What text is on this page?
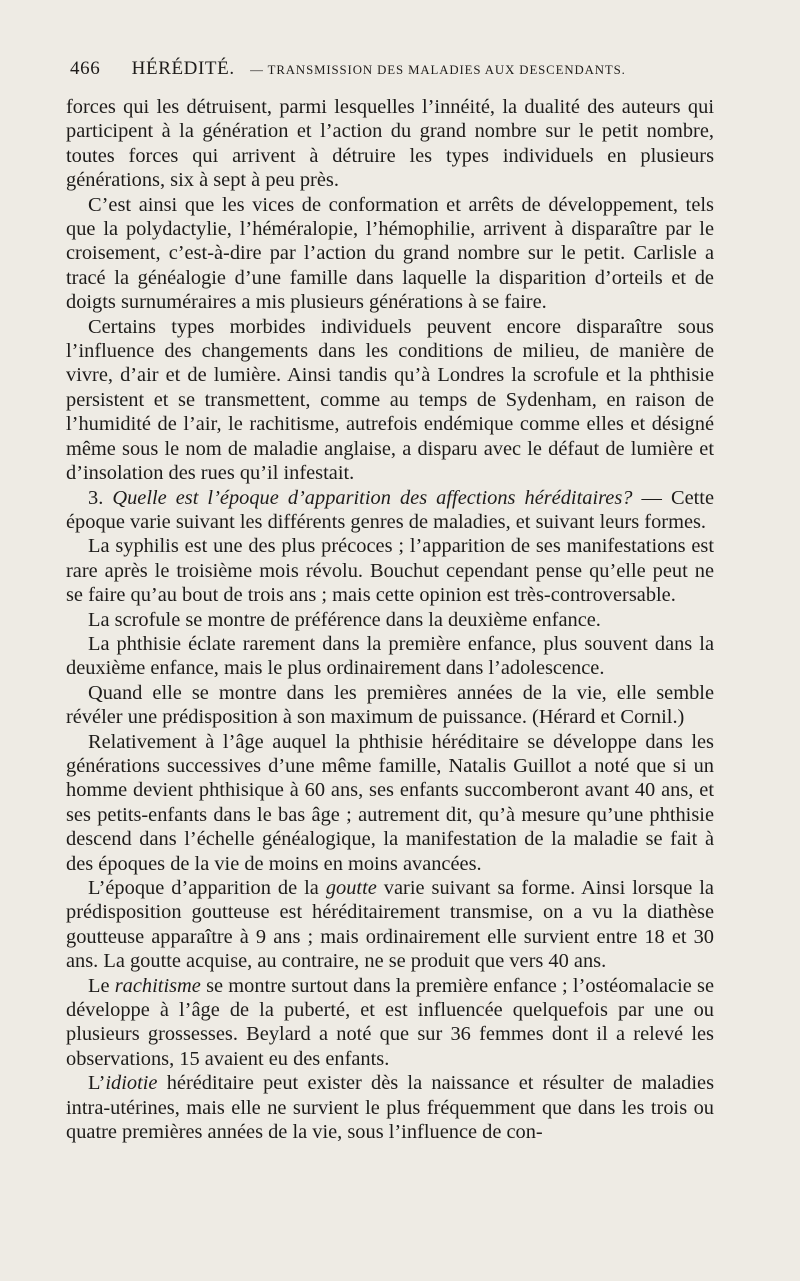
466 HÉRÉDITÉ. — TRANSMISSION DES MALADIES AUX DESCENDANTS.

forces qui les détruisent, parmi lesquelles l’innéité, la dualité des auteurs qui participent à la génération et l’action du grand nombre sur le petit nombre, toutes forces qui arrivent à détruire les types individuels en plusieurs générations, six à sept à peu près.

C’est ainsi que les vices de conformation et arrêts de développement, tels que la polydactylie, l’héméralopie, l’hémophilie, arrivent à disparaître par le croisement, c’est-à-dire par l’action du grand nombre sur le petit. Carlisle a tracé la généalogie d’une famille dans laquelle la disparition d’orteils et de doigts surnuméraires a mis plusieurs générations à se faire.

Certains types morbides individuels peuvent encore disparaître sous l’influence des changements dans les conditions de milieu, de manière de vivre, d’air et de lumière. Ainsi tandis qu’à Londres la scrofule et la phthisie persistent et se transmettent, comme au temps de Sydenham, en raison de l’humidité de l’air, le rachitisme, autrefois endémique comme elles et désigné même sous le nom de maladie anglaise, a disparu avec le défaut de lumière et d’insolation des rues qu’il infestait.

3. Quelle est l’époque d’apparition des affections héréditaires? — Cette époque varie suivant les différents genres de maladies, et suivant leurs formes.

La syphilis est une des plus précoces ; l’apparition de ses manifestations est rare après le troisième mois révolu. Bouchut cependant pense qu’elle peut ne se faire qu’au bout de trois ans ; mais cette opinion est très-controversable.

La scrofule se montre de préférence dans la deuxième enfance.

La phthisie éclate rarement dans la première enfance, plus souvent dans la deuxième enfance, mais le plus ordinairement dans l’adolescence.

Quand elle se montre dans les premières années de la vie, elle semble révéler une prédisposition à son maximum de puissance. (Hérard et Cornil.)

Relativement à l’âge auquel la phthisie héréditaire se développe dans les générations successives d’une même famille, Natalis Guillot a noté que si un homme devient phthisique à 60 ans, ses enfants succomberont avant 40 ans, et ses petits-enfants dans le bas âge ; autrement dit, qu’à mesure qu’une phthisie descend dans l’échelle généalogique, la manifestation de la maladie se fait à des époques de la vie de moins en moins avancées.

L’époque d’apparition de la goutte varie suivant sa forme. Ainsi lorsque la prédisposition goutteuse est héréditairement transmise, on a vu la diathèse goutteuse apparaître à 9 ans ; mais ordinairement elle survient entre 18 et 30 ans. La goutte acquise, au contraire, ne se produit que vers 40 ans.

Le rachitisme se montre surtout dans la première enfance ; l’ostéomalacie se développe à l’âge de la puberté, et est influencée quelquefois par une ou plusieurs grossesses. Beylard a noté que sur 36 femmes dont il a relevé les observations, 15 avaient eu des enfants.

L’idiotie héréditaire peut exister dès la naissance et résulter de maladies intra-utérines, mais elle ne survient le plus fréquemment que dans les trois ou quatre premières années de la vie, sous l’influence de con-
